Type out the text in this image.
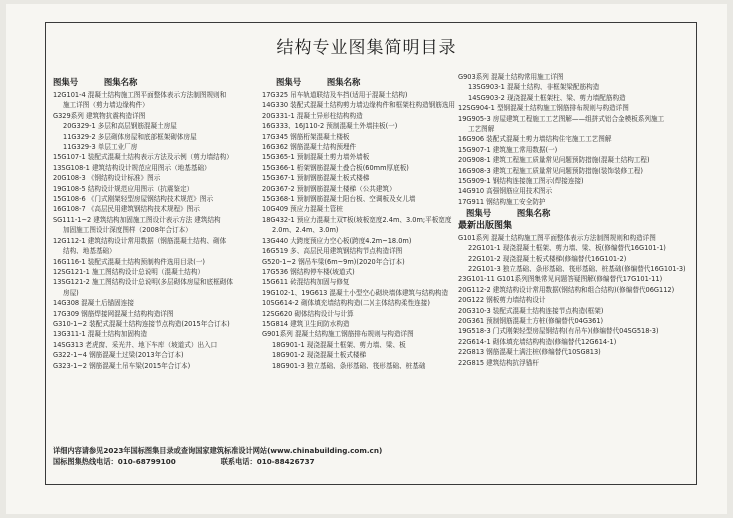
结构专业图集简明目录
图集号	图集名称
12G101-4 混凝土结构施工图平面整体表示方法制图规则和
施工详图（剪力墙边缘构件）
G329系列 建筑物抗震构造详图
20G329-1 多层和高层钢筋混凝土房屋
11G329-2 多层砌体房屋和底部框架砌体房屋
11G329-3 单层工业厂房
15G107-1 装配式混凝土结构表示方法及示例（剪力墙结构）
13SG108-1 建筑结构设计规范应用图示（地基基础）
20G108-3 《钢结构设计标准》图示
19G108-5 结构设计规范应用图示（抗震鉴定）
15G108-6 《门式刚架轻型房屋钢结构技术规范》图示
16G108-7 《高层民用建筑钢结构技术规程》图示
SG111-1~2 建筑结构加固施工图设计表示方法 建筑结构
加固施工图设计深度图样（2008年合订本）
12G112-1 建筑结构设计常用数据（钢筋混凝土结构、砌体
结构、地基基础）
16G116-1 装配式混凝土结构预制构件选用目录(一)
12SG121-1 施工图结构设计总说明（混凝土结构）
13SG121-2 施工图结构设计总说明(多层砌体房屋和底框砌体
房屋)
14G308 混凝土后锚固连接
17G309 钢筋焊接网混凝土结构构造详图
G310-1~2 装配式混凝土结构连接节点构造(2015年合订本)
13G311-1 混凝土结构加固构造
14SG313 老虎窗、采光井、地下车库（坡道式）出入口
G322-1~4 钢筋混凝土过梁(2013年合订本)
G323-1~2 钢筋混凝土吊车梁(2015年合订本)
图集号	图集名称
17G325 吊车轨道联结及车挡(适用于混凝土结构)
14G330 装配式混凝土结构剪力墙边缘构件和框架柱构造钢筋选用
20G331-1 混凝土异形柱结构构造
16G333、16J110-2 预制混凝土外墙挂板(一)
17G345 钢筋桁架混凝土楼板
16G362 钢筋混凝土结构预埋件
15G365-1 预制混凝土剪力墙外墙板
15G366-1 桁架钢筋混凝土叠合板(60mm厚底板)
15G367-1 预制钢筋混凝土板式楼梯
20G367-2 预制钢筋混凝土楼梯（公共建筑）
15G368-1 预制钢筋混凝土阳台板、空调板及女儿墙
10G409 预应力混凝土管桩
18G432-1 预应力混凝土双T板(坡板宽度2.4m、3.0m;平板宽度
2.0m、2.4m、3.0m)
13G440 大跨度预应力空心板(跨度4.2m~18.0m)
16G519 多、高层民用建筑钢结构节点构造详图
G520-1~2 钢吊车梁(6m~9m)(2020年合订本)
17G536 钢结构停车楼(坡道式)
15G611 砖混结构加固与修复
19G102-1、19G613 混凝土小型空心砌块墙体建筑与结构构造
10SG614-2 砌体填充墙结构构造(二)(主体结构柔性连接)
12SG620 砌体结构设计与计算
15G814 建筑卫生间防水构造
G901系列 混凝土结构施工钢筋排布规则与构造详图
18G901-1 现浇混凝土框架、剪力墙、梁、板
18G901-2 现浇混凝土板式楼梯
18G901-3 独立基础、条形基础、筏形基础、桩基础
G903系列 混凝土结构常用施工详图
13SG903-1 混凝土结构、非框架梁配筋构造
14SG903-2 现浇混凝土框架柱、梁、剪力墙配筋构造
12SG904-1 型钢混凝土结构施工钢筋排布规则与构造详图
19G905-3 房屋建筑工程施工工艺图解——组拼式铝合金模板系列施工
工艺图解
16G906 装配式混凝土剪力墙结构住宅施工工艺图解
15G907-1 建筑施工常用数据(一)
20G908-1 建筑工程施工质量常见问题预防措施(混凝土结构工程)
16G908-3 建筑工程施工质量常见问题预防措施(装饰装修工程)
15G909-1 钢结构连接施工图示(焊接连接)
14G910 高强钢筋应用技术图示
17G911 钢结构施工安全防护
图集号	图集名称
最新出版图集
G101系列 混凝土结构施工图平面整体表示方法制图规则和构造详图
22G101-1 现浇混凝土框架、剪力墙、梁、板(修编替代16G101-1)
22G101-2 现浇混凝土板式楼梯(修编替代16G101-2)
22G101-3 独立基础、条形基础、筏形基础、桩基础(修编替代16G101-3)
23G101-11 G101系列图集常见问题答疑图解(修编替代17G101-11)
20G112-2 建筑结构设计常用数据(钢结构和组合结构)(修编替代06G112)
20G122 钢板剪力墙结构设计
20G310-3 装配式混凝土结构连接节点构造(框架)
20G361 预制钢筋混凝土方桩(修编替代04G361)
19G518-3 门式刚架轻型房屋钢结构(有吊车)(修编替代04SG518-3)
22G614-1 砌体填充墙结构构造(修编替代12G614-1)
22G813 钢筋混凝土满注桩(修编替代10SG813)
22G815 建筑结构抗浮锚杆
详细内容请参见2023年国标图集目录或查询国家建筑标准设计网站(www.chinabuilding.com.cn)
国标图集热线电话：010-68799100	联系电话：010-88426737
